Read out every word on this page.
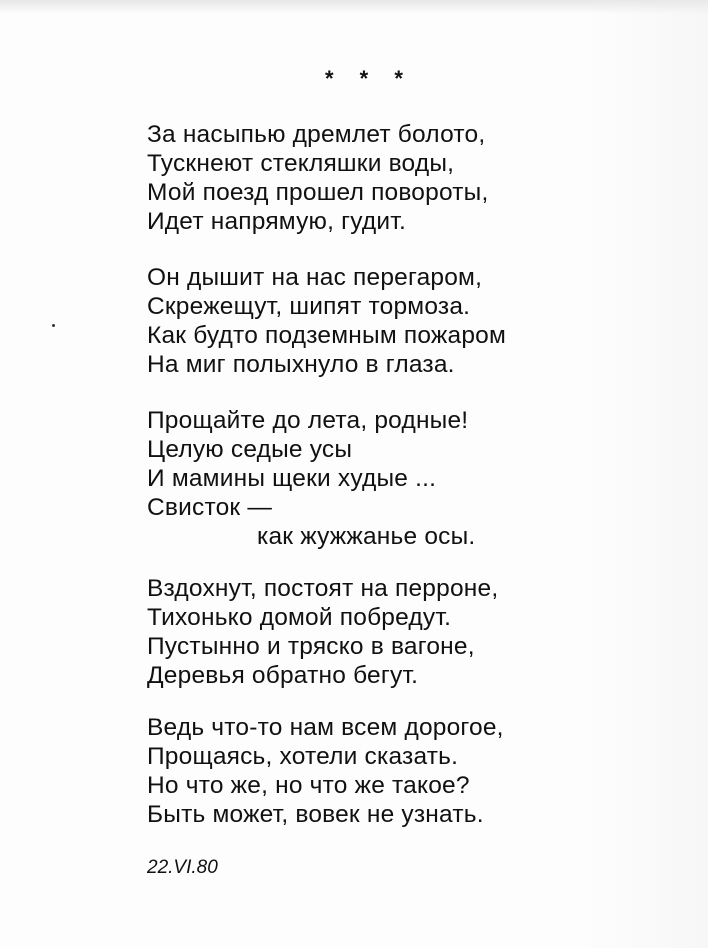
* * *
За насыпью дремлет болото,
Тускнеют стекляшки воды,
Мой поезд прошел повороты,
Идет напрямую, гудит.
Он дышит на нас перегаром,
Скрежещут, шипят тормоза.
Как будто подземным пожаром
На миг полыхнуло в глаза.
Прощайте до лета, родные!
Целую седые усы
И мамины щеки худые ...
Свисток —
как жужжанье осы.
Вздохнут, постоят на перроне,
Тихонько домой побредут.
Пустынно и тряско в вагоне,
Деревья обратно бегут.
Ведь что-то нам всем дорогое,
Прощаясь, хотели сказать.
Но что же, но что же такое?
Быть может, вовек не узнать.
22.VI.80
